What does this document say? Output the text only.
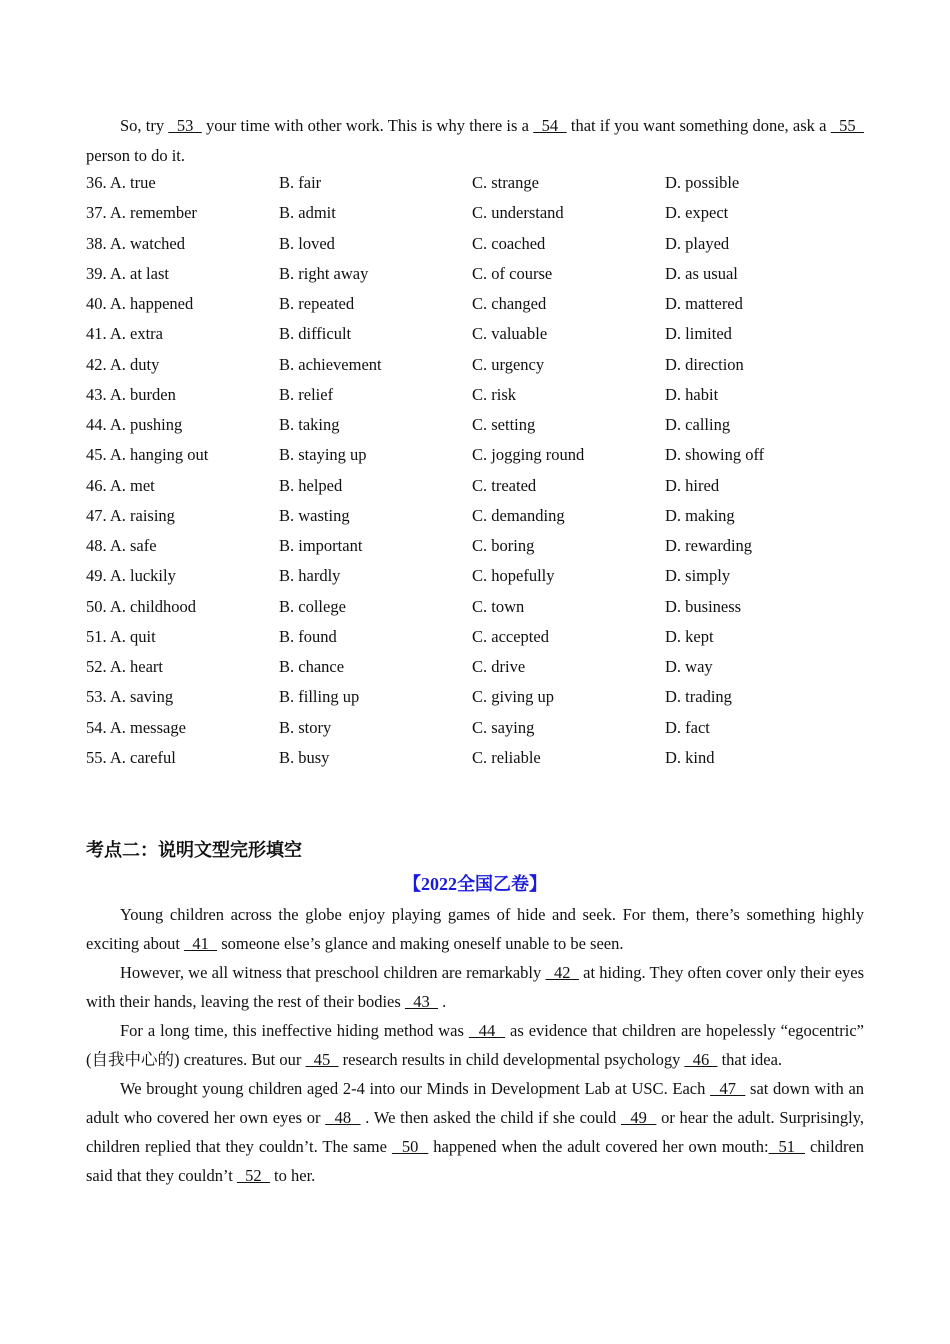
So, try   53   your time with other work. This is why there is a   54   that if you want something done, ask a   55   person to do it.

36. A. true	B. fair	C. strange	D. possible
37. A. remember	B. admit	C. understand	D. expect
38. A. watched	B. loved	C. coached	D. played
39. A. at last	B. right away	C. of course	D. as usual
40. A. happened	B. repeated	C. changed	D. mattered
41. A. extra	B. difficult	C. valuable	D. limited
42. A. duty	B. achievement	C. urgency	D. direction
43. A. burden	B. relief	C. risk	D. habit
44. A. pushing	B. taking	C. setting	D. calling
45. A. hanging out	B. staying up	C. jogging round	D. showing off
46. A. met	B. helped	C. treated	D. hired
47. A. raising	B. wasting	C. demanding	D. making
48. A. safe	B. important	C. boring	D. rewarding
49. A. luckily	B. hardly	C. hopefully	D. simply
50. A. childhood	B. college	C. town	D. business
51. A. quit	B. found	C. accepted	D. kept
52. A. heart	B. chance	C. drive	D. way
53. A. saving	B. filling up	C. giving up	D. trading
54. A. message	B. story	C. saying	D. fact
55. A. careful	B. busy	C. reliable	D. kind
考点二：说明文型完形填空
【2022全国乙卷】

Young children across the globe enjoy playing games of hide and seek. For them, there’s something highly exciting about   41   someone else’s glance and making oneself unable to be seen.

However, we all witness that preschool children are remarkably   42   at hiding. They often cover only their eyes with their hands, leaving the rest of their bodies   43   .

For a long time, this ineffective hiding method was   44   as evidence that children are hopelessly “egocentric” (自我中心的) creatures. But our   45   research results in child developmental psychology   46   that idea.

We brought young children aged 2-4 into our Minds in Development Lab at USC. Each   47   sat down with an adult who covered her own eyes or   48   . We then asked the child if she could   49   or hear the adult. Surprisingly, children replied that they couldn’t. The same   50   happened when the adult covered her own mouth:  51   children said that they couldn’t   52   to her.
